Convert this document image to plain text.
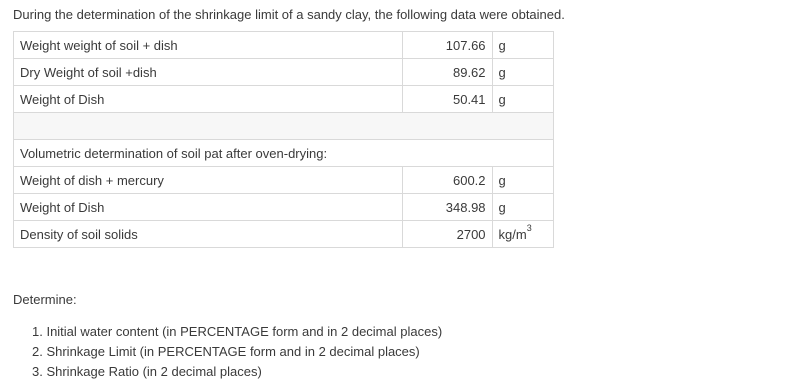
During the determination of the shrinkage limit of a sandy clay, the following data were obtained.
Weight weight of soil + dish	107.66	g
Dry Weight of soil +dish	89.62	g
Weight of Dish	50.41	g

Volumetric determination of soil pat after oven-drying:		
Weight of dish + mercury	600.2	g
Weight of Dish	348.98	g
Density of soil solids	2700	$kg/m^3$
Determine:
1. Initial water content (in PERCENTAGE form and in 2 decimal places)
2. Shrinkage Limit (in PERCENTAGE form and in 2 decimal places)
3. Shrinkage Ratio (in 2 decimal places)
